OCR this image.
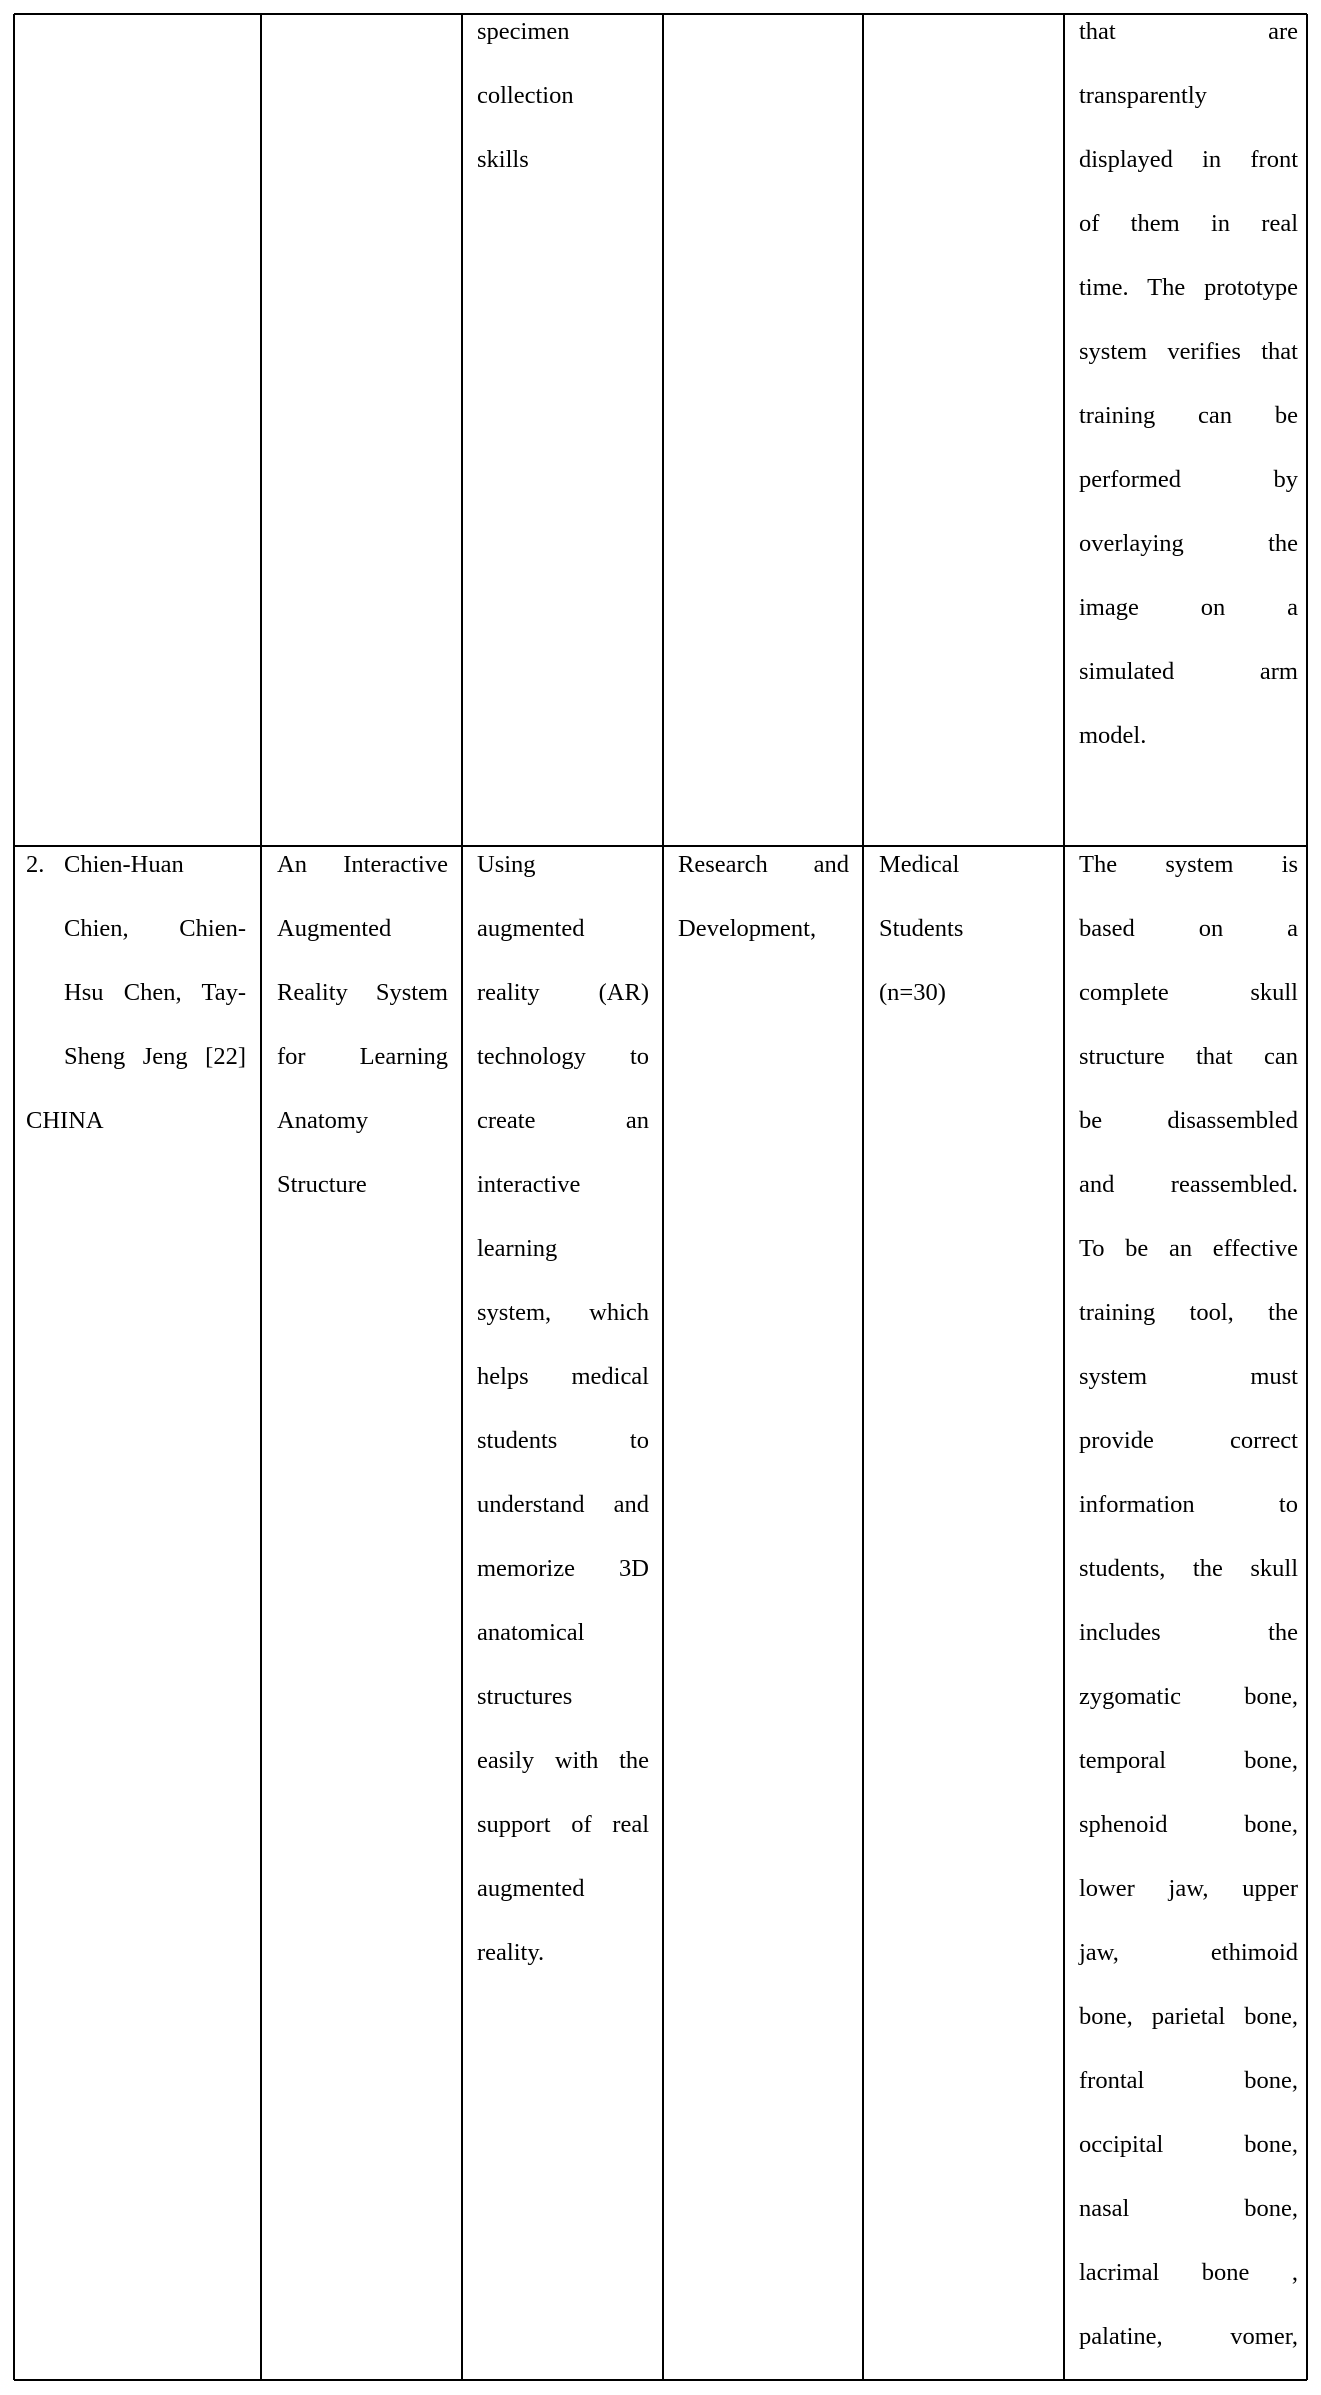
specimen
collection
skills
that are
transparently
displayed in front
of them in real
time. The prototype
system verifies that
training can be
performed by
overlaying the
image on a
simulated arm
model.
2. Chien-Huan
Chien, Chien-
Hsu Chen, Tay-
Sheng Jeng [22]
CHINA
An Interactive
Augmented
Reality System
for Learning
Anatomy
Structure
Using
augmented
reality (AR)
technology to
create an
interactive
learning
system, which
helps medical
students to
understand and
memorize 3D
anatomical
structures
easily with the
support of real
augmented
reality.
Research and
Development,
Medical
Students
(n=30)
The system is
based on a
complete skull
structure that can
be disassembled
and reassembled.
To be an effective
training tool, the
system must
provide correct
information to
students, the skull
includes the
zygomatic bone,
temporal bone,
sphenoid bone,
lower jaw, upper
jaw, ethimoid
bone, parietal bone,
frontal bone,
occipital bone,
nasal bone,
lacrimal bone ,
palatine, vomer,
